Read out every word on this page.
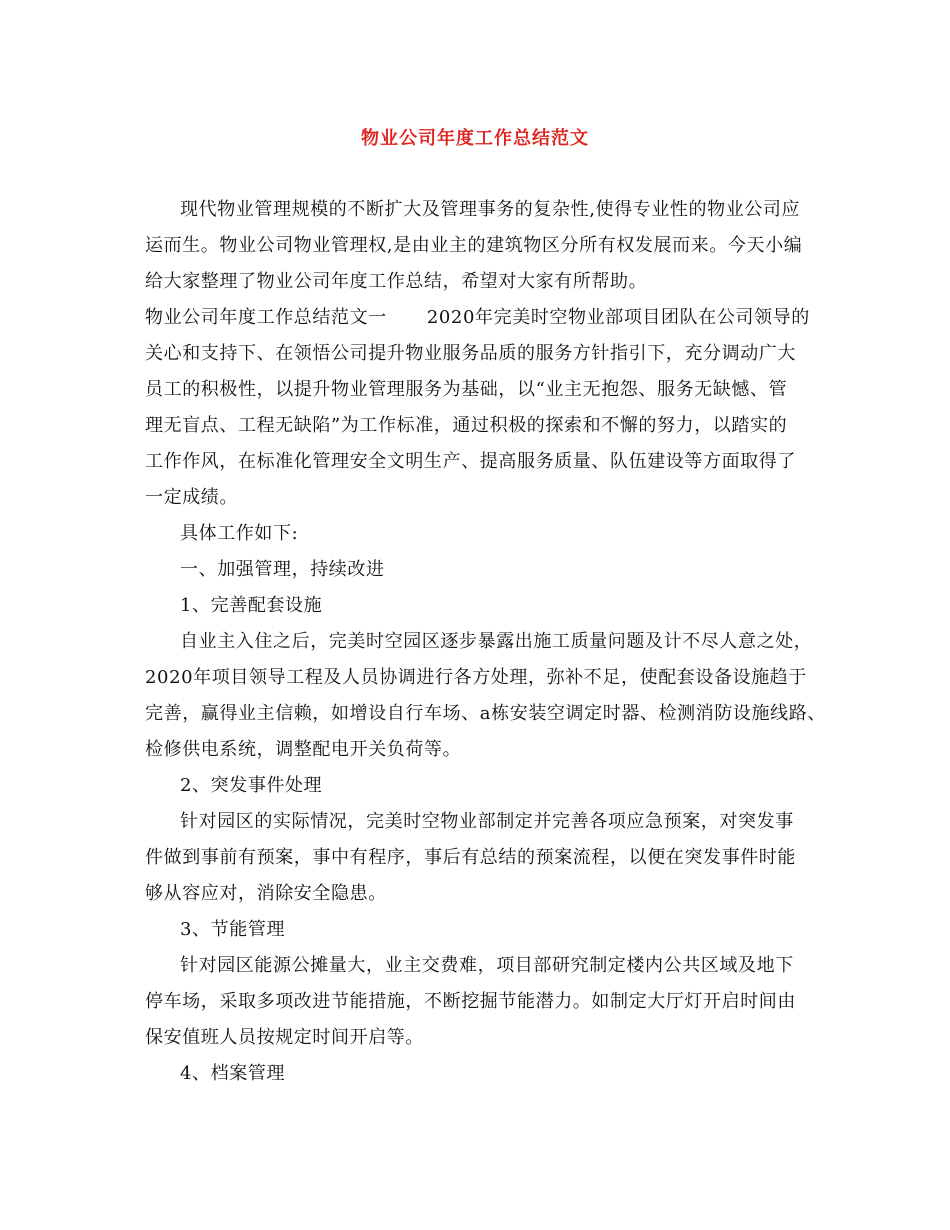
物业公司年度工作总结范文
现代物业管理规模的不断扩大及管理事务的复杂性,使得专业性的物业公司应
运而生。物业公司物业管理权,是由业主的建筑物区分所有权发展而来。今天小编
给大家整理了物业公司年度工作总结，希望对大家有所帮助。
物业公司年度工作总结范文一 2020年完美时空物业部项目团队在公司领导的
关心和支持下、在领悟公司提升物业服务品质的服务方针指引下，充分调动广大
员工的积极性，以提升物业管理服务为基础，以“业主无抱怨、服务无缺憾、管
理无盲点、工程无缺陷”为工作标准，通过积极的探索和不懈的努力，以踏实的
工作作风，在标准化管理安全文明生产、提高服务质量、队伍建设等方面取得了
一定成绩。
具体工作如下:
一、加强管理，持续改进
1、完善配套设施
自业主入住之后，完美时空园区逐步暴露出施工质量问题及计不尽人意之处，
2020年项目领导工程及人员协调进行各方处理，弥补不足，使配套设备设施趋于
完善，赢得业主信赖，如增设自行车场、a栋安装空调定时器、检测消防设施线路、
检修供电系统，调整配电开关负荷等。
2、突发事件处理
针对园区的实际情况，完美时空物业部制定并完善各项应急预案，对突发事
件做到事前有预案，事中有程序，事后有总结的预案流程，以便在突发事件时能
够从容应对，消除安全隐患。
3、节能管理
针对园区能源公摊量大，业主交费难，项目部研究制定楼内公共区域及地下
停车场，采取多项改进节能措施，不断挖掘节能潜力。如制定大厅灯开启时间由
保安值班人员按规定时间开启等。
4、档案管理
